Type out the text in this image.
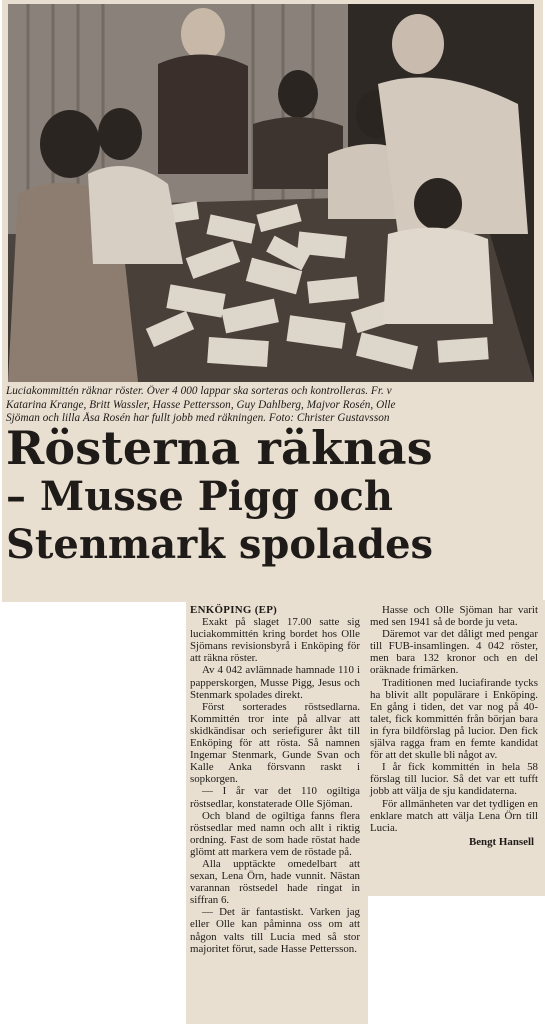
Luciakommittén räknar röster. Över 4 000 lappar ska sorteras och kontrolleras. Fr. v
Katarina Krange, Britt Wassler, Hasse Pettersson, Guy Dahlberg, Majvor Rosén, Olle
Sjöman och lilla Åsa Rosén har fullt jobb med räkningen. Foto: Christer Gustavsson
Rösterna räknas
– Musse Pigg och
Stenmark spolades

ENKÖPING (EP)

Exakt på slaget 17.00 satte sig luciakommittén kring bordet hos Olle Sjömans revisionsbyrå i Enköping för att räkna röster.

Av 4 042 avlämnade hamnade 110 i papperskorgen, Musse Pigg, Jesus och Stenmark spolades direkt.

Först sorterades röstsedlarna. Kommittén tror inte på allvar att skidkändisar och seriefigurer åkt till Enköping för att rösta. Så namnen Ingemar Stenmark, Gunde Svan och Kalle Anka försvann raskt i sopkorgen.

— I år var det 110 ogiltiga röstsedlar, konstaterade Olle Sjöman.

Och bland de ogiltiga fanns flera röstsedlar med namn och allt i riktig ordning. Fast de som hade röstat hade glömt att markera vem de röstade på.

Alla upptäckte omedelbart att sexan, Lena Örn, hade vunnit. Nästan varannan röstsedel hade ringat in siffran 6.

— Det är fantastiskt. Varken jag eller Olle kan påminna oss om att någon valts till Lucia med så stor majoritet förut, sade Hasse Pettersson.

Hasse och Olle Sjöman har varit med sen 1941 så de borde ju veta.

Däremot var det dåligt med pengar till FUB-insamlingen. 4 042 röster, men bara 132 kronor och en del oräknade frimärken.

Traditionen med luciafirande tycks ha blivit allt populärare i Enköping. En gång i tiden, det var nog på 40-talet, fick kommittén från början bara in fyra bildförslag på lucior. Den fick själva ragga fram en femte kandidat för att det skulle bli något av.

I år fick kommittén in hela 58 förslag till lucior. Så det var ett tufft jobb att välja de sju kandidaterna.

För allmänheten var det tydligen en enklare match att välja Lena Örn till Lucia.

Bengt Hansell
